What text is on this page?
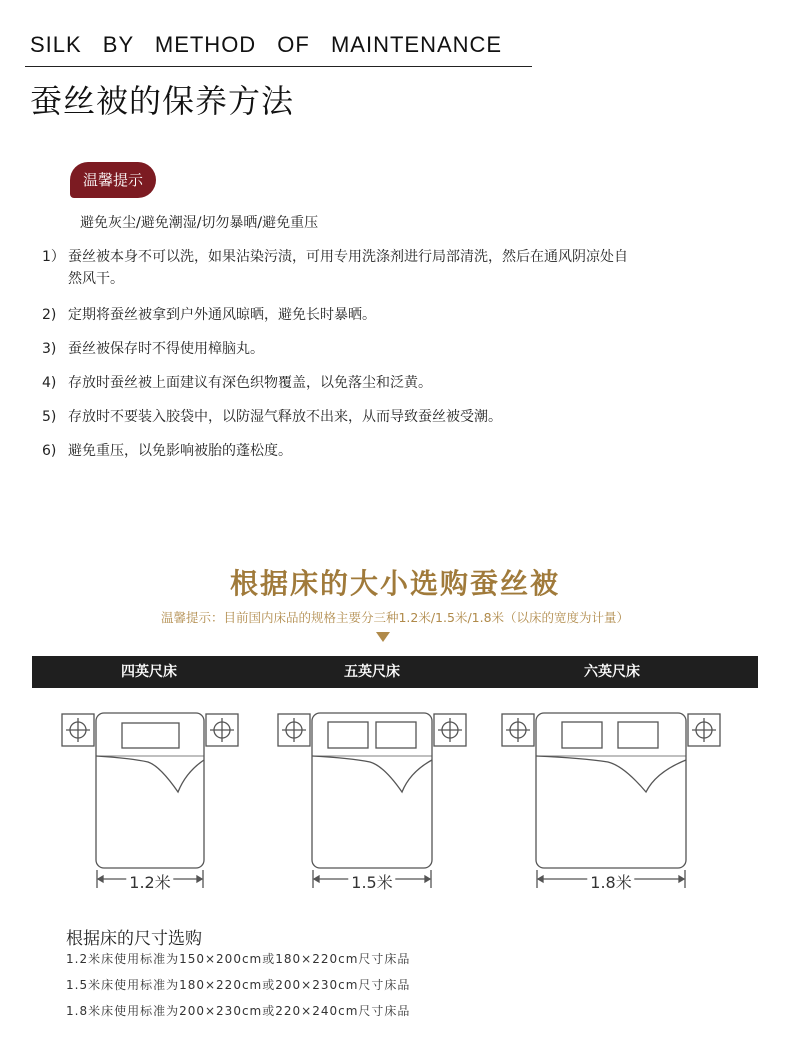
SILK BY METHOD OF MAINTENANCE
蚕丝被的保养方法
温馨提示
避免灰尘/避免潮湿/切勿暴晒/避免重压
1） 蚕丝被本身不可以洗，如果沾染污渍，可用专用洗涤剂进行局部清洗，然后在通风阴凉处自然风干。
2) 定期将蚕丝被拿到户外通风晾晒，避免长时暴晒。
3) 蚕丝被保存时不得使用樟脑丸。
4) 存放时蚕丝被上面建议有深色织物覆盖，以免落尘和泛黄。
5) 存放时不要装入胶袋中，以防湿气释放不出来，从而导致蚕丝被受潮。
6) 避免重压，以免影响被胎的蓬松度。
根据床的大小选购蚕丝被
温馨提示：目前国内床品的规格主要分三种1.2米/1.5米/1.8米（以床的宽度为计量）
四英尺床	五英尺床	六英尺床
1.2米	1.5米	1.8米
根据床的尺寸选购
1.2米床使用标准为150×200cm或180×220cm尺寸床品
1.5米床使用标准为180×220cm或200×230cm尺寸床品
1.8米床使用标准为200×230cm或220×240cm尺寸床品
